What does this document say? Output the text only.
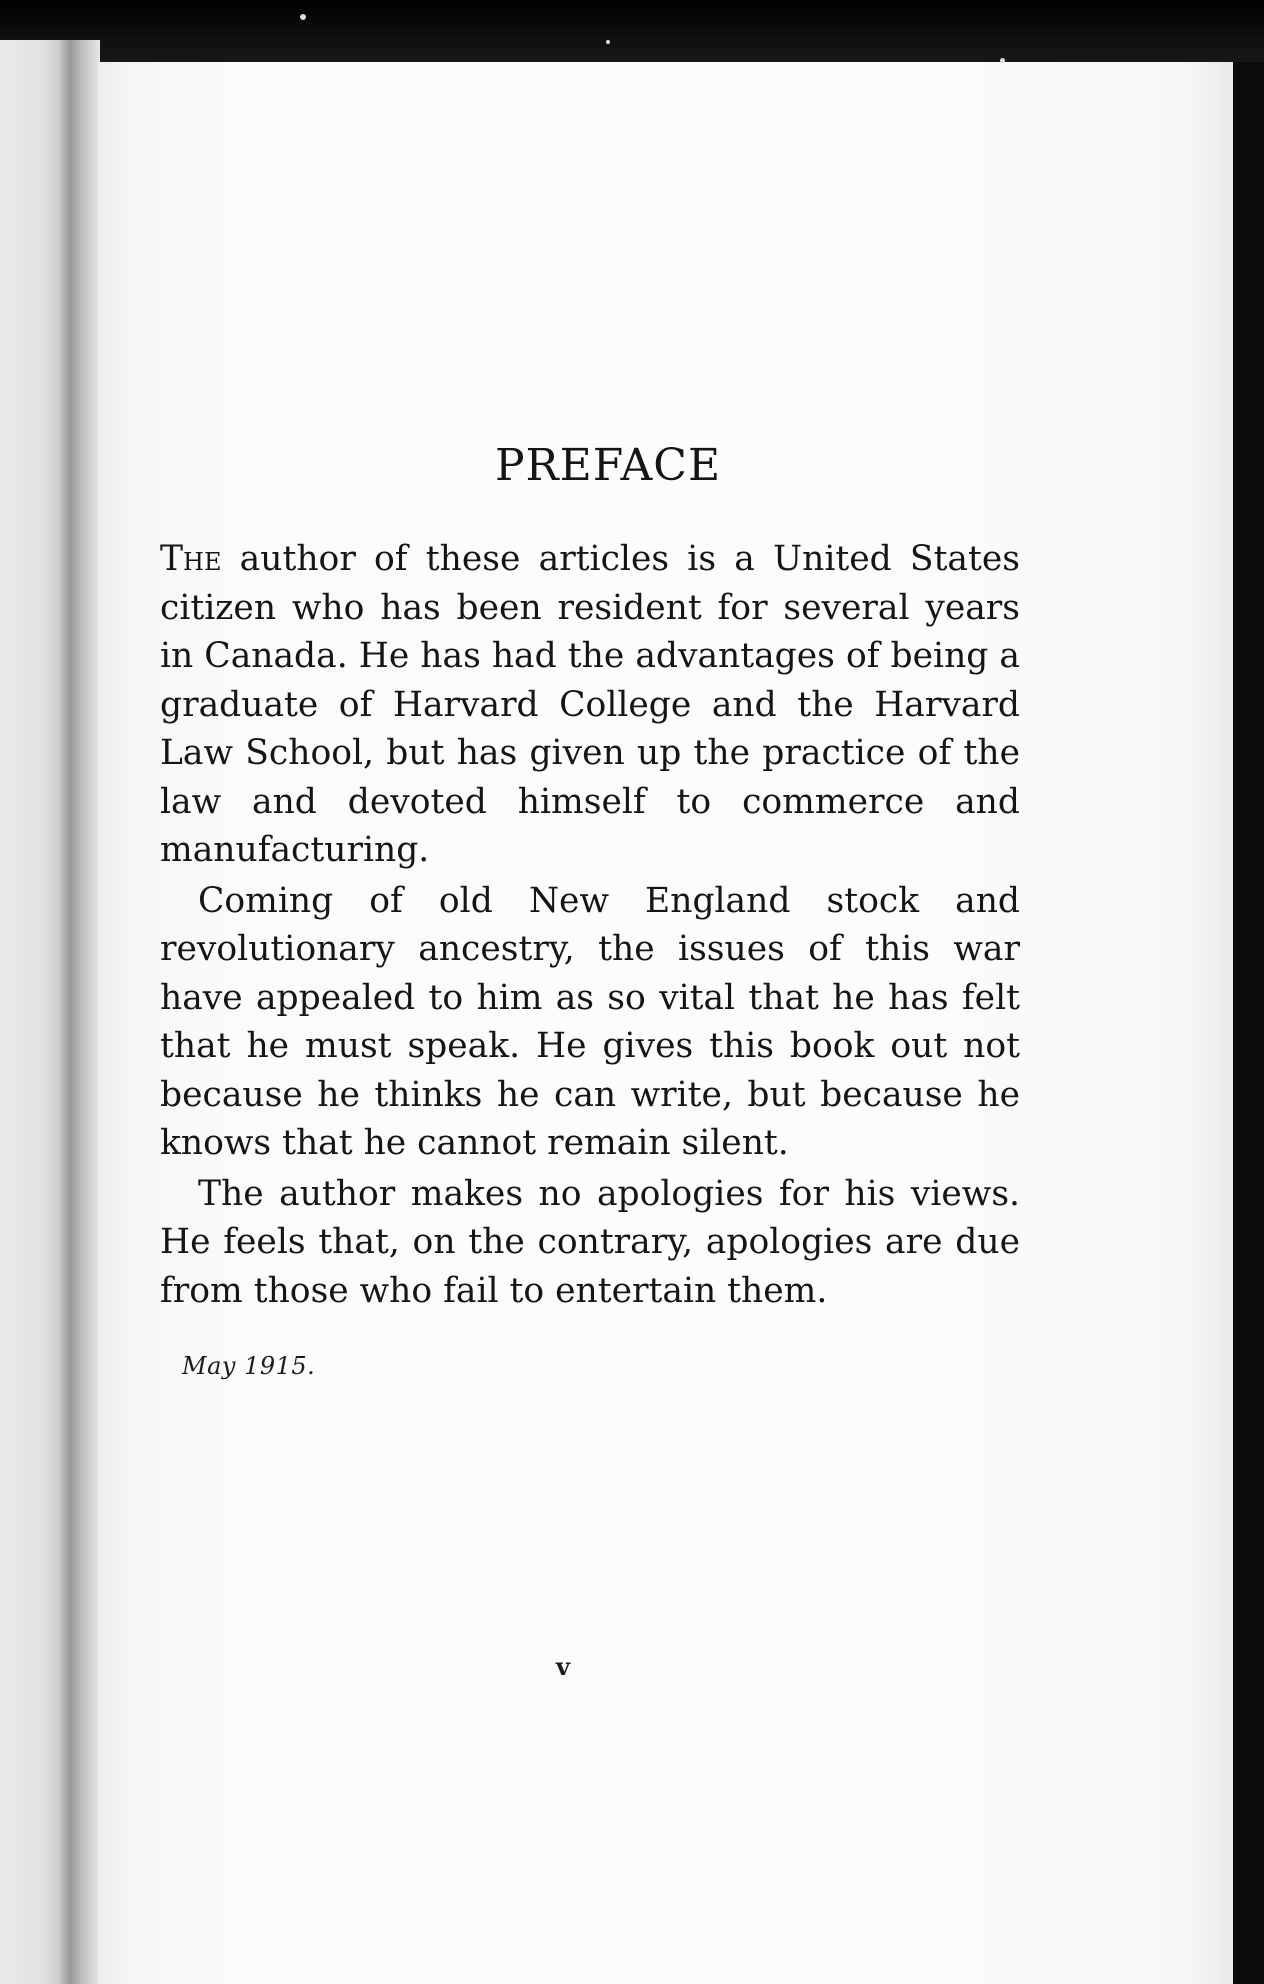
PREFACE

The author of these articles is a United States citizen who has been resident for several years in Canada. He has had the advantages of being a graduate of Harvard College and the Harvard Law School, but has given up the practice of the law and devoted himself to commerce and manufacturing.

Coming of old New England stock and revolutionary ancestry, the issues of this war have appealed to him as so vital that he has felt that he must speak. He gives this book out not because he thinks he can write, but because he knows that he cannot remain silent.

The author makes no apologies for his views. He feels that, on the contrary, apologies are due from those who fail to entertain them.

May 1915.
v
